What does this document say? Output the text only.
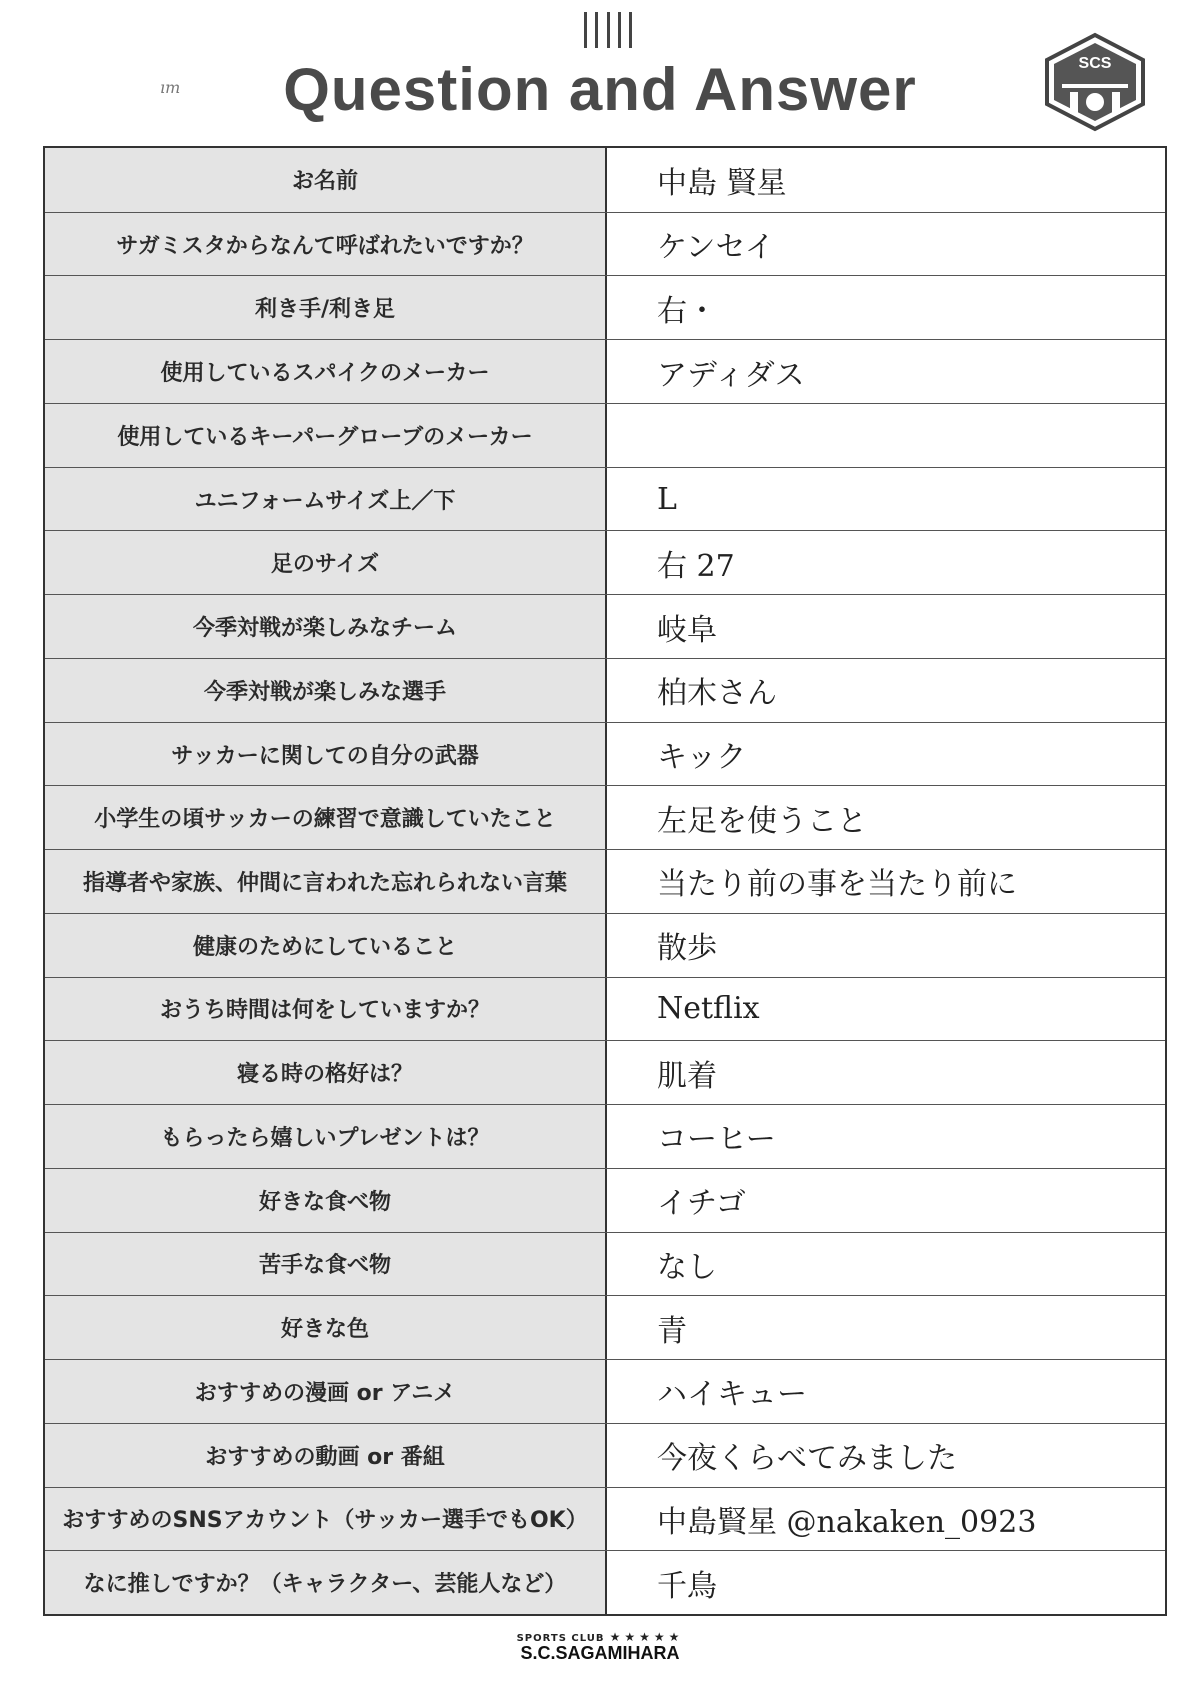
ım	Question and Answer	SCS
お名前	中島 賢星
サガミスタからなんて呼ばれたいですか？	ケンセイ
利き手/利き足	右・
使用しているスパイクのメーカー	アディダス
使用しているキーパーグローブのメーカー
ユニフォームサイズ上／下	L
足のサイズ	右 27
今季対戦が楽しみなチーム	岐阜
今季対戦が楽しみな選手	柏木さん
サッカーに関しての自分の武器	キック
小学生の頃サッカーの練習で意識していたこと	左足を使うこと
指導者や家族、仲間に言われた忘れられない言葉	当たり前の事を当たり前に
健康のためにしていること	散歩
おうち時間は何をしていますか？	Netflix
寝る時の格好は？	肌着
もらったら嬉しいプレゼントは？	コーヒー
好きな食べ物	イチゴ
苦手な食べ物	なし
好きな色	青
おすすめの漫画 or アニメ	ハイキュー
おすすめの動画 or 番組	今夜くらべてみました
おすすめのSNSアカウント（サッカー選手でもOK）	中島賢星 @nakaken_0923
なに推しですか？（キャラクター、芸能人など）	千鳥
SPORTS CLUB ★★★★★
S.C.SAGAMIHARA
